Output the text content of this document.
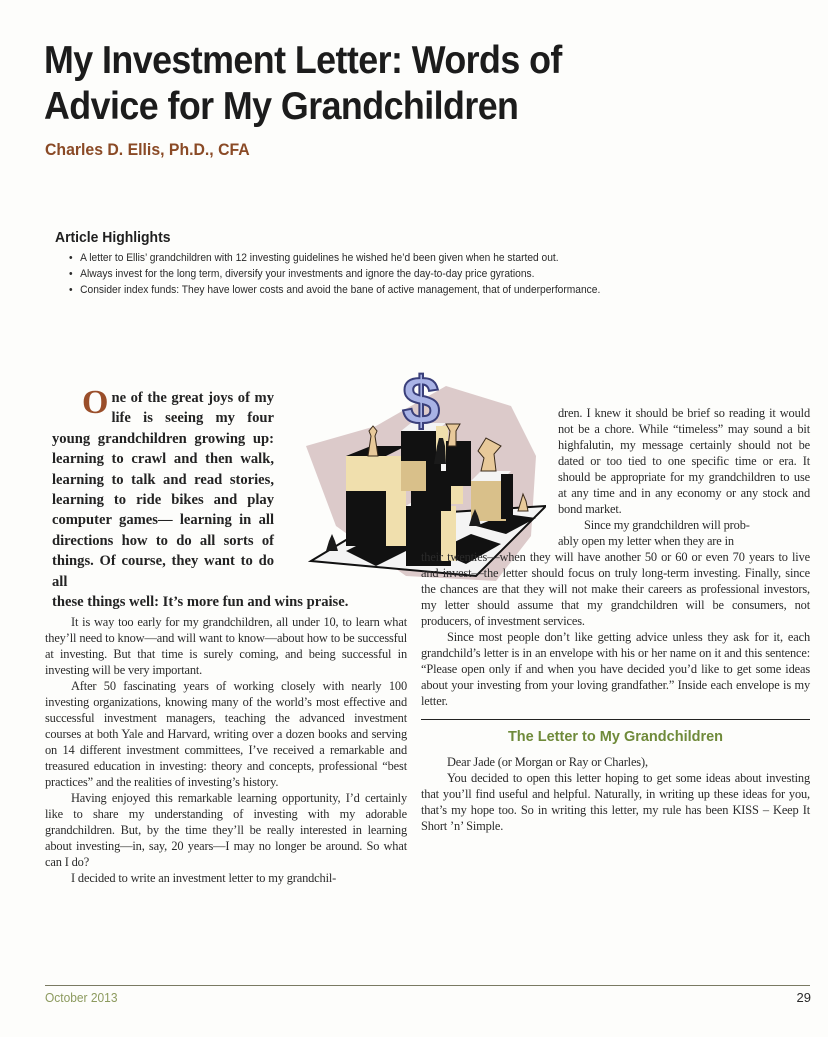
My Investment Letter: Words of
Advice for My Grandchildren
Charles D. Ellis, Ph.D., CFA
Article Highlights
• A letter to Ellis’ grandchildren with 12 investing guidelines he wished he’d been given when he started out.
• Always invest for the long term, diversify your investments and ignore the day-to-day price gyrations.
• Consider index funds: They have lower costs and avoid the bane of active management, that of underperformance.
$
One of the great joys of my life is seeing my four young grandchildren growing up: learning to crawl and then walk, learning to talk and read stories, learning to ride bikes and play computer games— learning in all directions how to do all sorts of things. Of course, they want to do all
these things well: It’s more fun and wins praise.

It is way too early for my grandchildren, all under 10, to learn what they’ll need to know—and will want to know—about how to be successful at investing. But that time is surely coming, and being successful in investing will be very important.

After 50 fascinating years of working closely with nearly 100 investing organizations, knowing many of the world’s most effective and successful investment managers, teaching the advanced investment courses at both Yale and Harvard, writing over a dozen books and serving on 14 different investment committees, I’ve received a remarkable and treasured education in investing: theory and concepts, professional “best practices” and the realities of investing’s history.

Having enjoyed this remarkable learning opportunity, I’d certainly like to share my understanding of investing with my adorable grandchildren. But, by the time they’ll be really interested in learning about investing—in, say, 20 years—I may no longer be around. So what can I do?

I decided to write an investment letter to my grandchil-

dren. I knew it should be brief so reading it would not be a chore. While “timeless” may sound a bit highfalutin, my message certainly should not be dated or too tied to one specific time or era. It should be appropriate for my grandchildren to use at any time and in any economy or any stock and bond market.

Since my grandchildren will prob-
ably open my letter when they are in

their twenties—when they will have another 50 or 60 or even 70 years to live and invest—the letter should focus on truly long-term investing. Finally, since the chances are that they will not make their careers as professional investors, my letter should assume that my grandchildren will be consumers, not producers, of investment services.

Since most people don’t like getting advice unless they ask for it, each grandchild’s letter is in an envelope with his or her name on it and this sentence: “Please open only if and when you have decided you’d like to get some ideas about your investing from your loving grandfather.” Inside each envelope is my letter.

The Letter to My Grandchildren

Dear Jade (or Morgan or Ray or Charles),

You decided to open this letter hoping to get some ideas about investing that you’ll find useful and helpful. Naturally, in writing up these ideas for you, that’s my hope too. So in writing this letter, my rule has been KISS – Keep It Short ’n’ Simple.

October 2013	29
